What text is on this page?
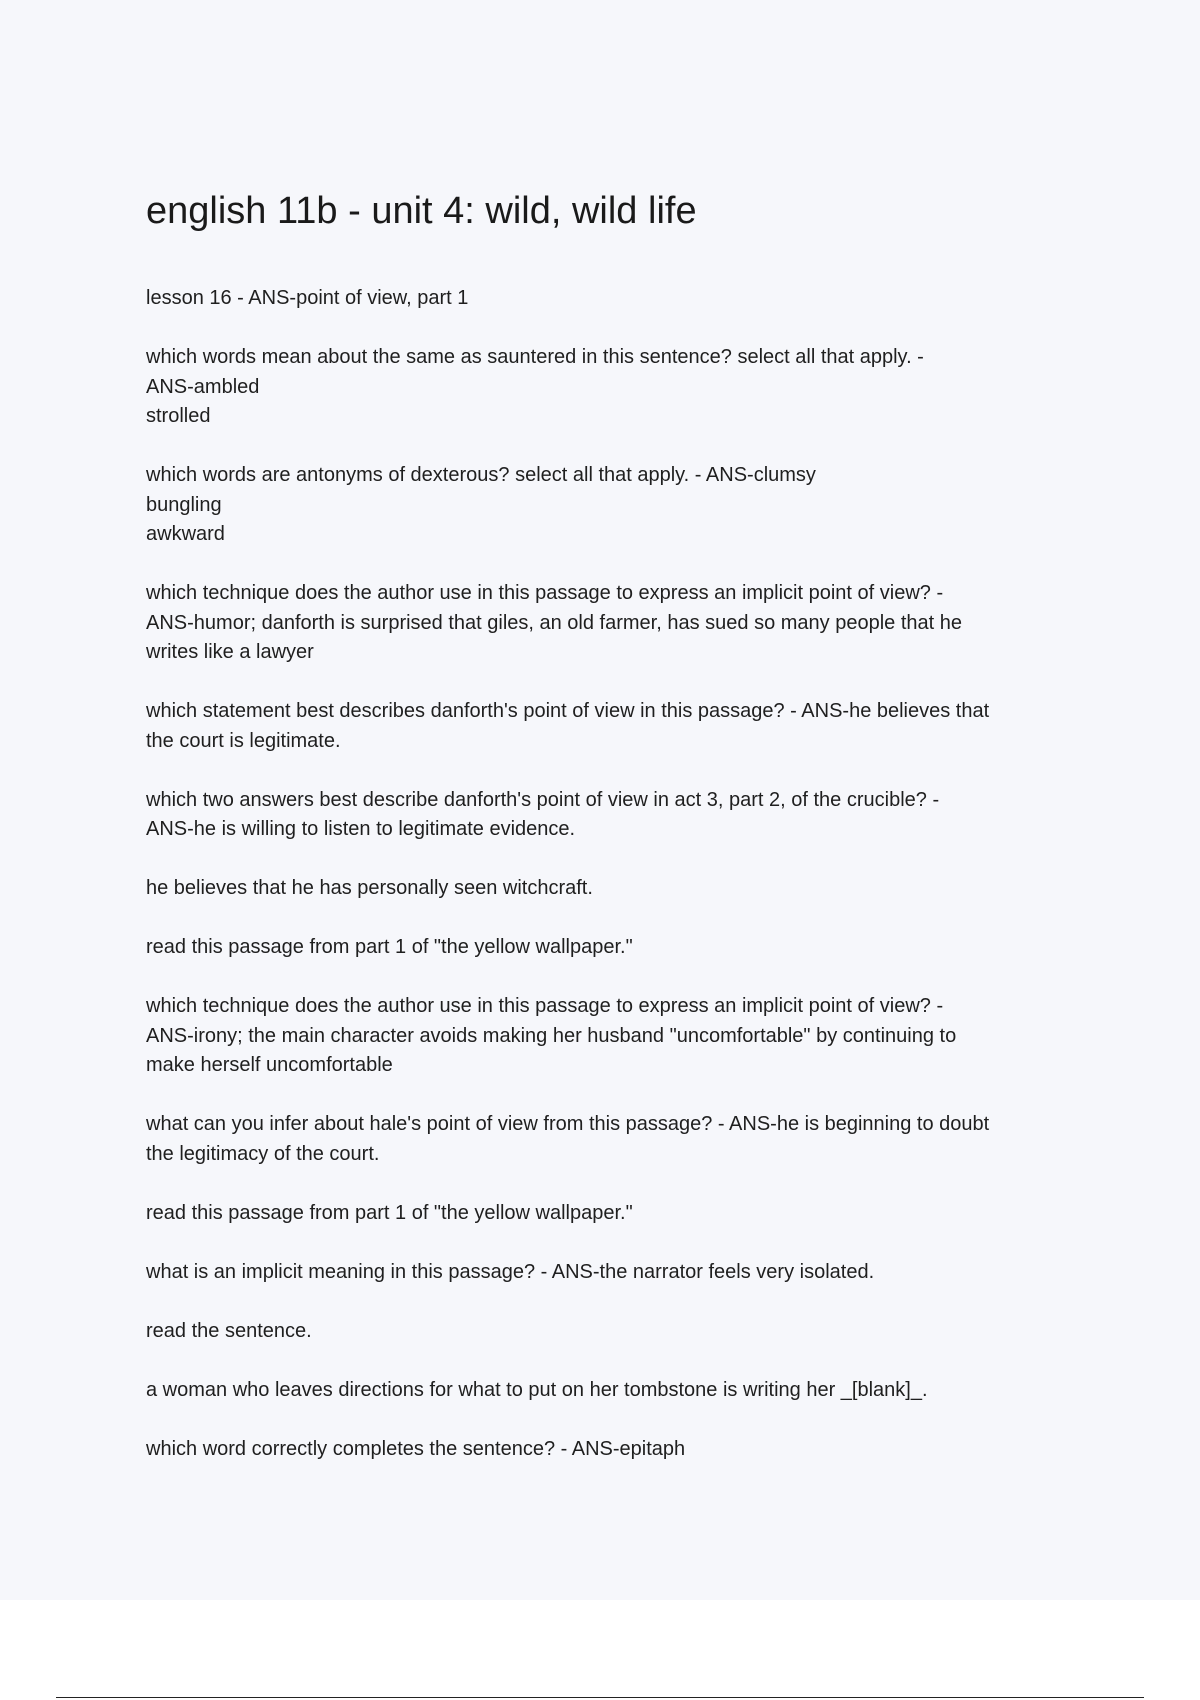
english 11b - unit 4: wild, wild life

lesson 16 - ANS-point of view, part 1

which words mean about the same as sauntered in this sentence? select all that apply. -
ANS-ambled
strolled

which words are antonyms of dexterous? select all that apply. - ANS-clumsy
bungling
awkward

which technique does the author use in this passage to express an implicit point of view? -
ANS-humor; danforth is surprised that giles, an old farmer, has sued so many people that he
writes like a lawyer

which statement best describes danforth's point of view in this passage? - ANS-he believes that
the court is legitimate.

which two answers best describe danforth's point of view in act 3, part 2, of the crucible? -
ANS-he is willing to listen to legitimate evidence.

he believes that he has personally seen witchcraft.

read this passage from part 1 of "the yellow wallpaper."

which technique does the author use in this passage to express an implicit point of view? -
ANS-irony; the main character avoids making her husband "uncomfortable" by continuing to
make herself uncomfortable

what can you infer about hale's point of view from this passage? - ANS-he is beginning to doubt
the legitimacy of the court.

read this passage from part 1 of "the yellow wallpaper."

what is an implicit meaning in this passage? - ANS-the narrator feels very isolated.

read the sentence.

a woman who leaves directions for what to put on her tombstone is writing her _[blank]_.

which word correctly completes the sentence? - ANS-epitaph
